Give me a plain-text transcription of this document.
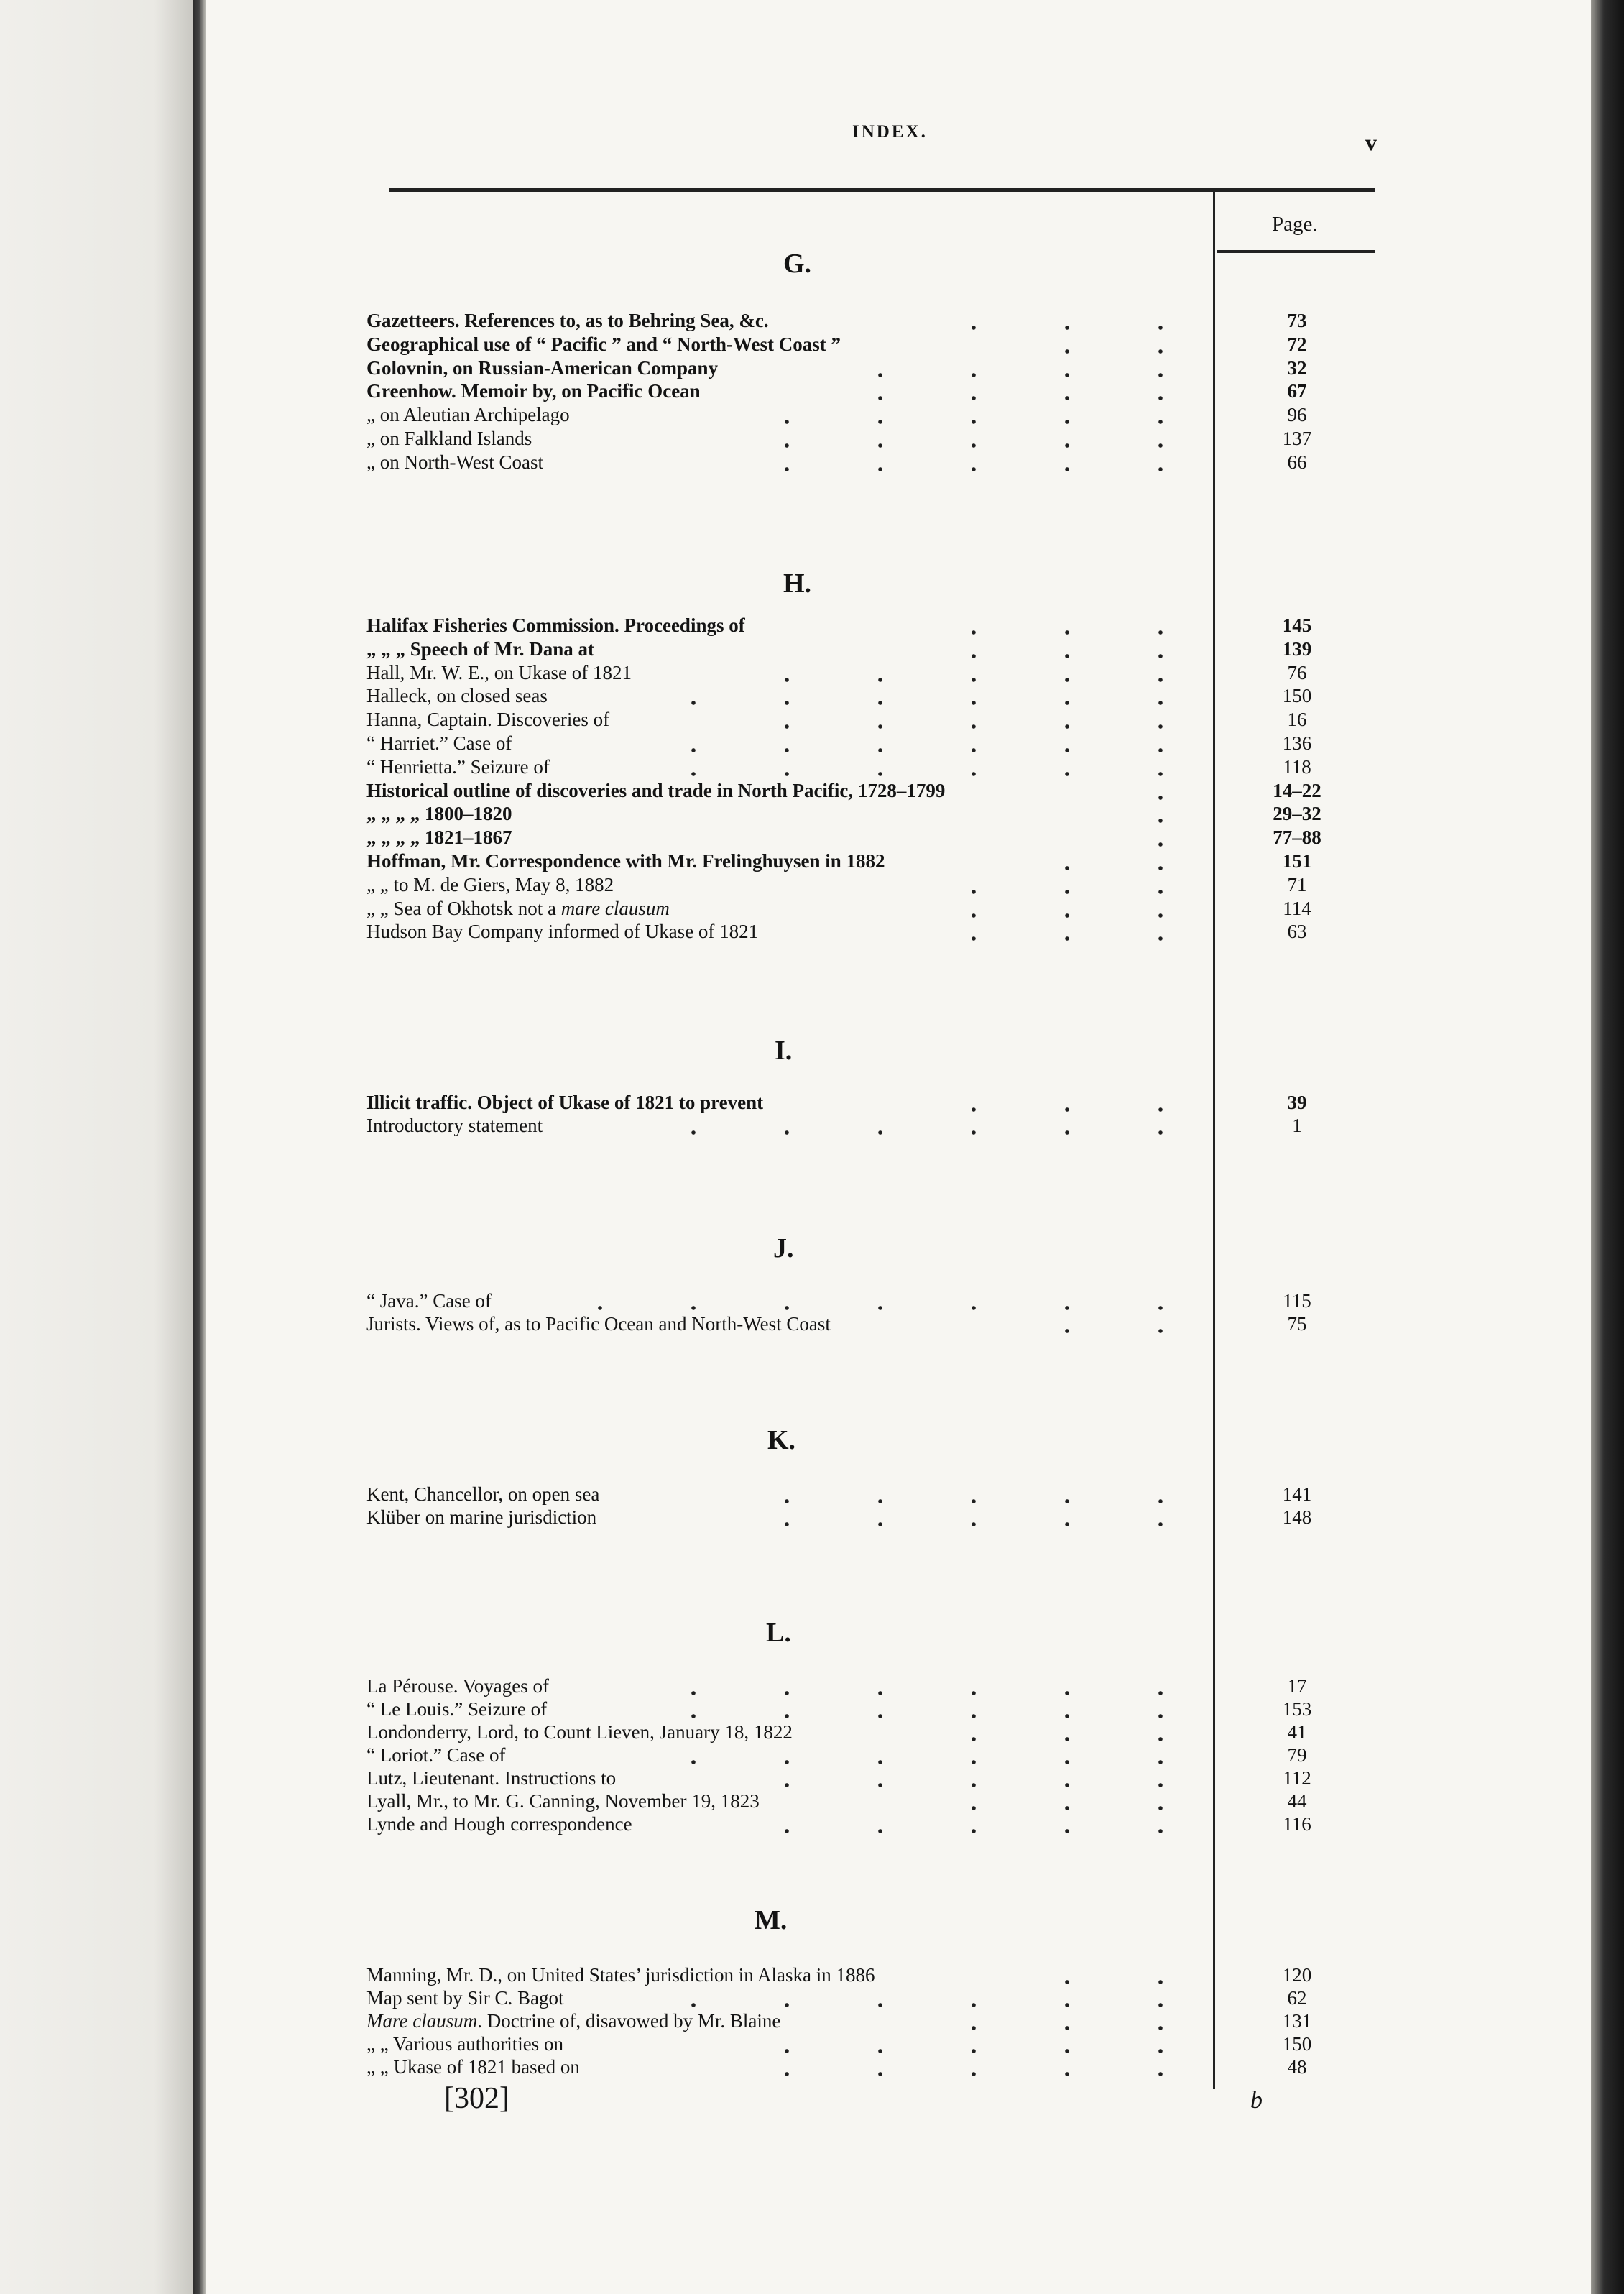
INDEX.	v
Page.
G.
Gazetteers. References to, as to Behring Sea, &c.	73
Geographical use of “ Pacific ” and “ North-West Coast ”	72
Golovnin, on Russian-American Company	32
Greenhow. Memoir by, on Pacific Ocean	67
„ on Aleutian Archipelago	96
„ on Falkland Islands	137
„ on North-West Coast	66
H.
Halifax Fisheries Commission. Proceedings of	145
„ „ „ Speech of Mr. Dana at	139
Hall, Mr. W. E., on Ukase of 1821	76
Halleck, on closed seas	150
Hanna, Captain. Discoveries of	16
“ Harriet.” Case of	136
“ Henrietta.” Seizure of	118
Historical outline of discoveries and trade in North Pacific, 1728–1799	14–22
„ „ „ „ 1800–1820	29–32
„ „ „ „ 1821–1867	77–88
Hoffman, Mr. Correspondence with Mr. Frelinghuysen in 1882	151
„ „ to M. de Giers, May 8, 1882	71
„ „ Sea of Okhotsk not a mare clausum	114
Hudson Bay Company informed of Ukase of 1821	63
I.
Illicit traffic. Object of Ukase of 1821 to prevent	39
Introductory statement	1
J.
“ Java.” Case of	115
Jurists. Views of, as to Pacific Ocean and North-West Coast	75
K.
Kent, Chancellor, on open sea	141
Klüber on marine jurisdiction	148
L.
La Pérouse. Voyages of	17
“ Le Louis.” Seizure of	153
Londonderry, Lord, to Count Lieven, January 18, 1822	41
“ Loriot.” Case of	79
Lutz, Lieutenant. Instructions to	112
Lyall, Mr., to Mr. G. Canning, November 19, 1823	44
Lynde and Hough correspondence	116
M.
Manning, Mr. D., on United States’ jurisdiction in Alaska in 1886	120
Map sent by Sir C. Bagot	62
Mare clausum. Doctrine of, disavowed by Mr. Blaine	131
„ „ Various authorities on	150
„ „ Ukase of 1821 based on	48
[302]	b
